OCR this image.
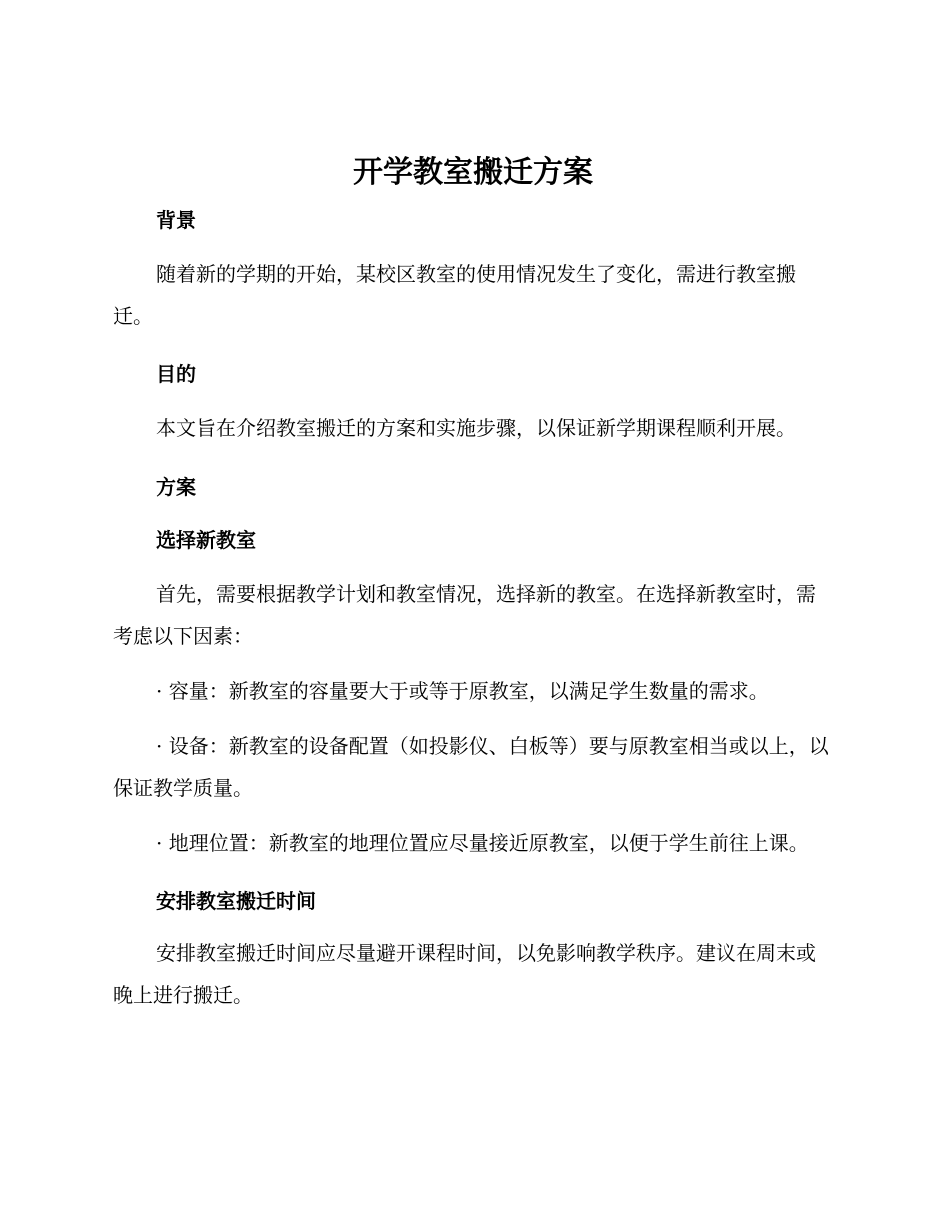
开学教室搬迁方案
背景

随着新的学期的开始，某校区教室的使用情况发生了变化，需进行教室搬迁。

目的

本文旨在介绍教室搬迁的方案和实施步骤，以保证新学期课程顺利开展。

方案
选择新教室

首先，需要根据教学计划和教室情况，选择新的教室。在选择新教室时，需考虑以下因素：

· 容量：新教室的容量要大于或等于原教室，以满足学生数量的需求。

· 设备：新教室的设备配置（如投影仪、白板等）要与原教室相当或以上，以保证教学质量。

· 地理位置：新教室的地理位置应尽量接近原教室，以便于学生前往上课。

安排教室搬迁时间

安排教室搬迁时间应尽量避开课程时间，以免影响教学秩序。建议在周末或晚上进行搬迁。
